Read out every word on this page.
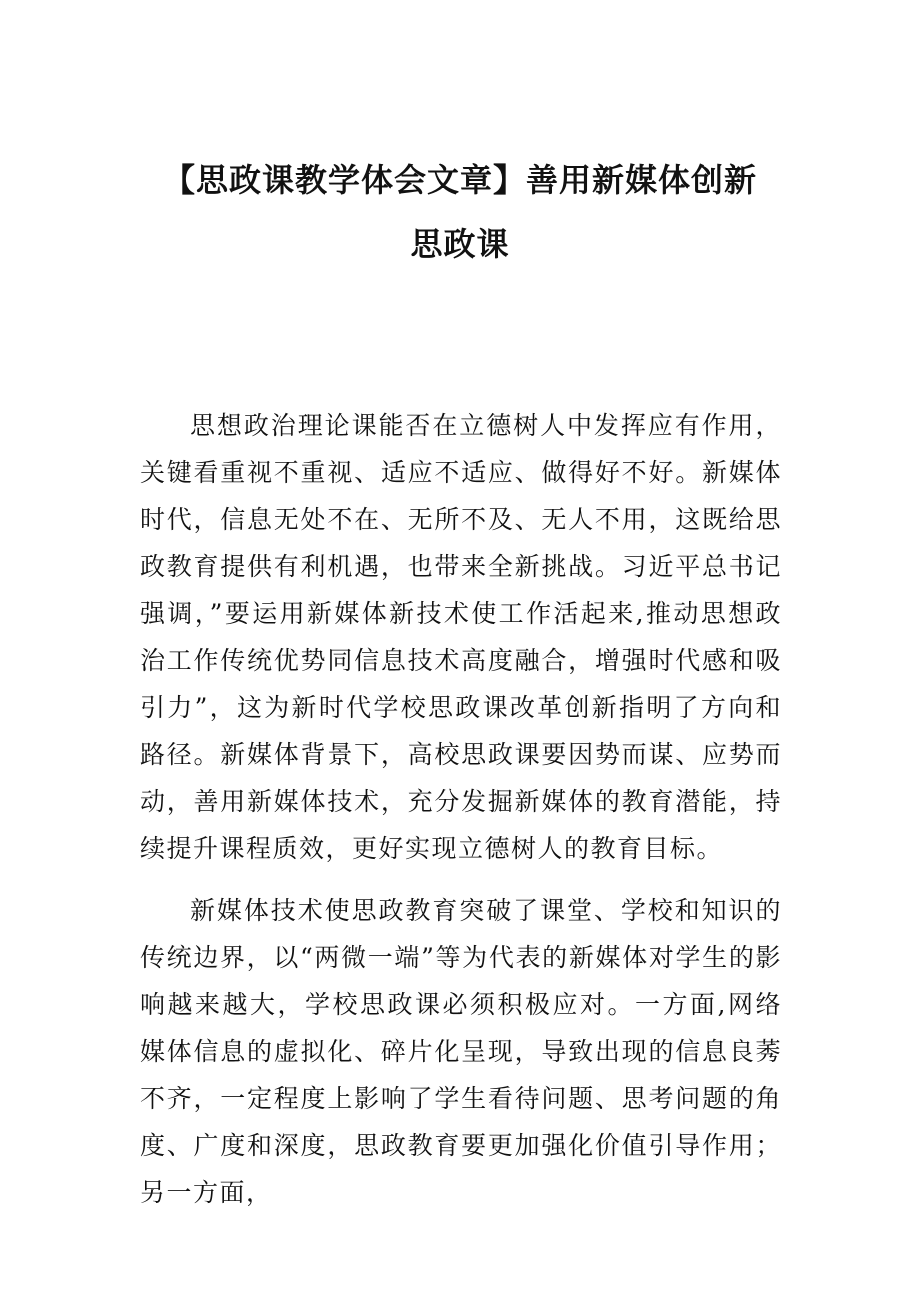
【思政课教学体会文章】善用新媒体创新
思政课

思想政治理论课能否在立德树人中发挥应有作用，关键看重视不重视、适应不适应、做得好不好。新媒体时代，信息无处不在、无所不及、无人不用，这既给思政教育提供有利机遇，也带来全新挑战。习近平总书记强调，”要运用新媒体新技术使工作活起来,推动思想政治工作传统优势同信息技术高度融合，增强时代感和吸引力”，这为新时代学校思政课改革创新指明了方向和路径。新媒体背景下，高校思政课要因势而谋、应势而动，善用新媒体技术，充分发掘新媒体的教育潜能，持续提升课程质效，更好实现立德树人的教育目标。

新媒体技术使思政教育突破了课堂、学校和知识的传统边界，以“两微一端”等为代表的新媒体对学生的影响越来越大，学校思政课必须积极应对。一方面,网络媒体信息的虚拟化、碎片化呈现，导致出现的信息良莠不齐，一定程度上影响了学生看待问题、思考问题的角度、广度和深度，思政教育要更加强化价值引导作用；另一方面，
